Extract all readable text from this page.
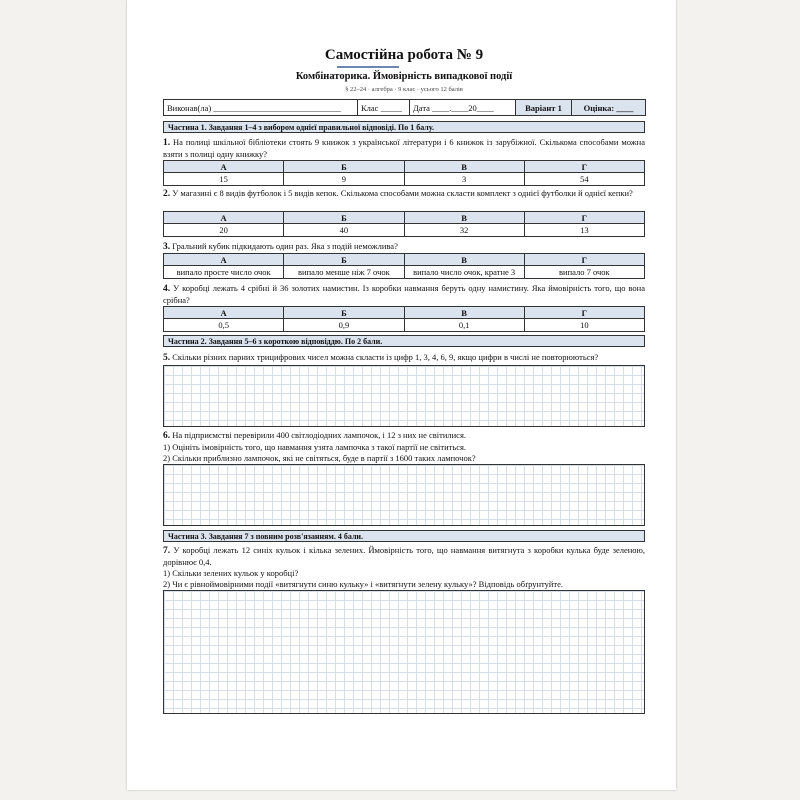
Самостійна робота № 9
Комбінаторика. Ймовірність випадкової події
§ 22–24 · алгебра · 9 клас · усього 12 балів
Виконав(ла) ______________________________	Клас _____	Дата ____.____20____	Варіант 1	Оцінка: ____
Частина 1. Завдання 1–4 з вибором однієї правильної відповіді. По 1 балу.
1. На полиці шкільної бібліотеки стоять 9 книжок з української літератури і 6 книжок із зарубіжної. Скількома способами можна взяти з полиці одну книжку?
А	Б	В	Г
15	9	3	54
2. У магазині є 8 видів футболок і 5 видів кепок. Скількома способами можна скласти комплект з однієї футболки й однієї кепки?
А	Б	В	Г
20	40	32	13
3. Гральний кубик підкидають один раз. Яка з подій неможлива?
А	Б	В	Г
випало просте число очок	випало менше ніж 7 очок	випало число очок, кратне 3	випало 7 очок
4. У коробці лежать 4 срібні й 36 золотих намистин. Із коробки навмання беруть одну намистину. Яка ймовірність того, що вона срібна?
А	Б	В	Г
0,5	0,9	0,1	10
Частина 2. Завдання 5–6 з короткою відповіддю. По 2 бали.
5. Скільки різних парних трицифрових чисел можна скласти із цифр 1, 3, 4, 6, 9, якщо цифри в числі не повторюються?
6. На підприємстві перевірили 400 світлодіодних лампочок, і 12 з них не світилися.
1) Оцініть імовірність того, що навмання узята лампочка з такої партії не світиться.
2) Скільки приблизно лампочок, які не світяться, буде в партії з 1600 таких лампочок?
Частина 3. Завдання 7 з повним розв'язанням. 4 бали.
7. У коробці лежать 12 синіх кульок і кілька зелених. Ймовірність того, що навмання витягнута з коробки кулька буде зеленою, дорівнює 0,4.
1) Скільки зелених кульок у коробці?
2) Чи є рівноймовірними події «витягнути синю кульку» і «витягнути зелену кульку»? Відповідь обґрунтуйте.
